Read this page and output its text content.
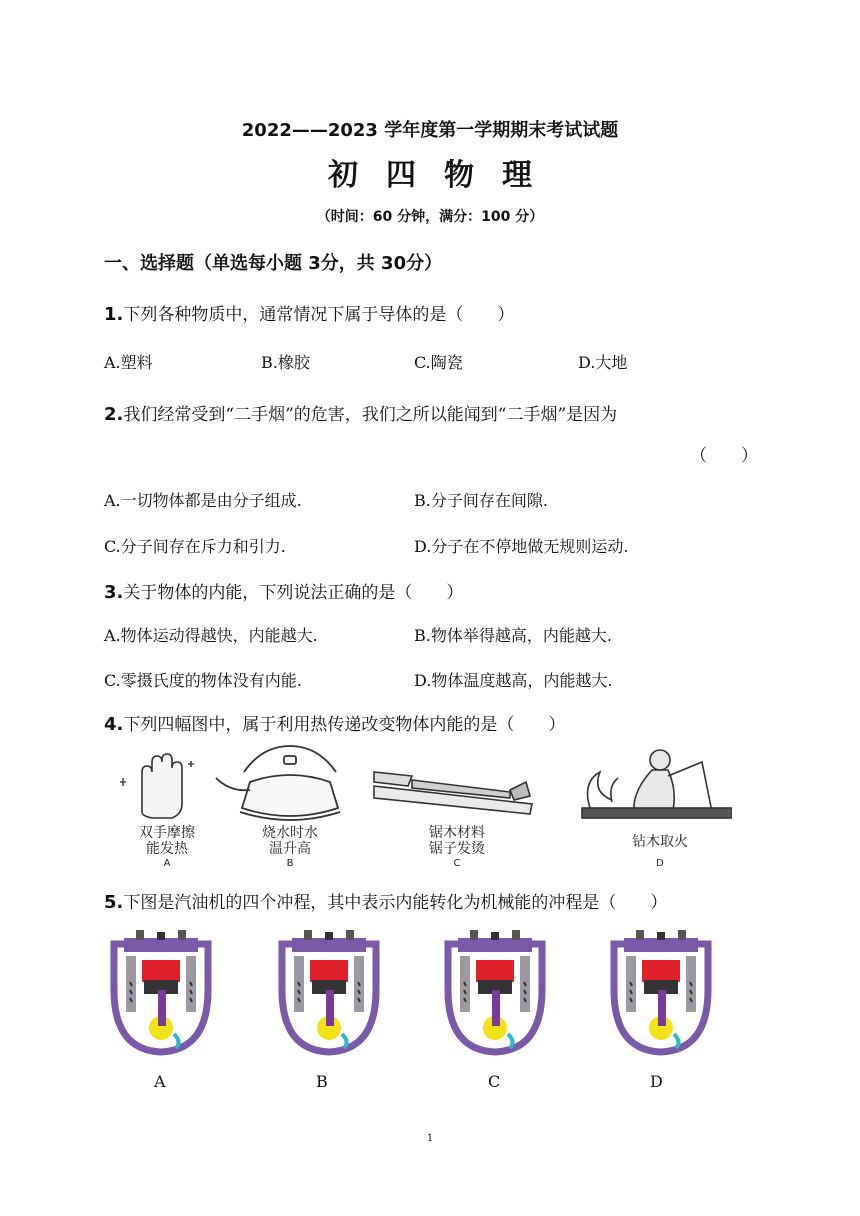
2022——2023 学年度第一学期期末考试试题
初四物理
（时间：60 分钟，满分：100 分）
一、选择题（单选每小题 3分，共 30分）
1.下列各种物质中，通常情况下属于导体的是（　　）
A.塑料	B.橡胶	C.陶瓷	D.大地
2.我们经常受到“二手烟”的危害，我们之所以能闻到“二手烟”是因为
（　　）
A.一切物体都是由分子组成.	B.分子间存在间隙.
C.分子间存在斥力和引力.	D.分子在不停地做无规则运动.
3.关于物体的内能，下列说法正确的是（　　）
A.物体运动得越快，内能越大.	B.物体举得越高，内能越大.
C.零摄氏度的物体没有内能.	D.物体温度越高，内能越大.
4.下列四幅图中，属于利用热传递改变物体内能的是（　　）
双手摩擦
能发热
A
烧水时水
温升高
B
锯木材料
锯子发烫
C
钻木取火
D
5.下图是汽油机的四个冲程，其中表示内能转化为机械能的冲程是（　　）
A	B	C	D
1
